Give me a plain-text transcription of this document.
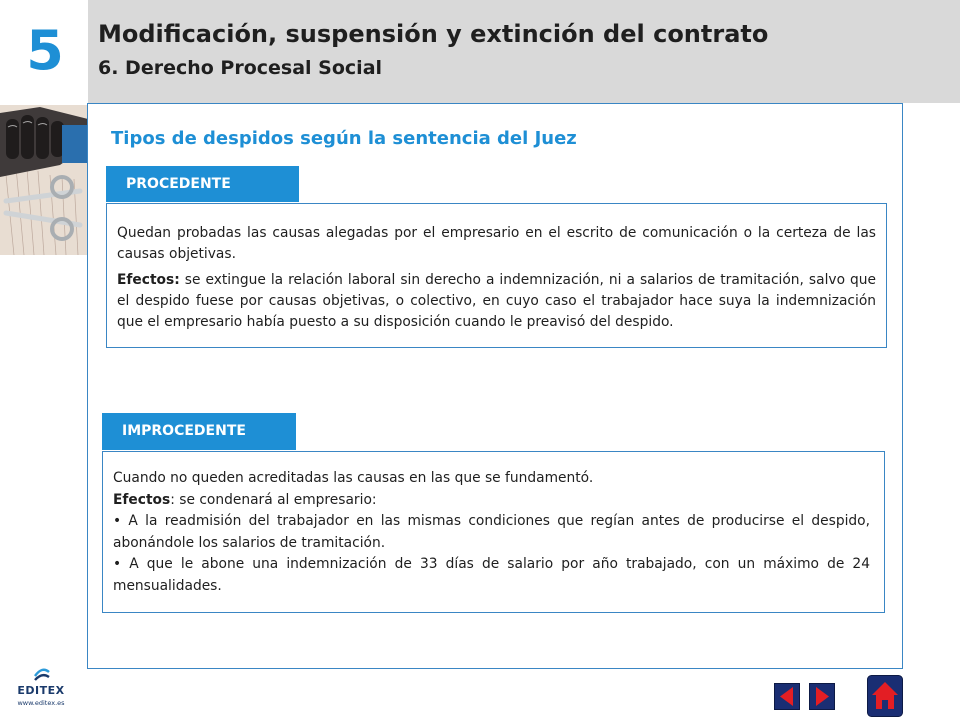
5 Modificación, suspensión y extinción del contrato
6. Derecho Procesal Social
Tipos de despidos según la sentencia del Juez
PROCEDENTE

Quedan probadas las causas alegadas por el empresario en el escrito de comunicación o la certeza de las causas objetivas.

Efectos: se extingue la relación laboral sin derecho a indemnización, ni a salarios de tramitación, salvo que el despido fuese por causas objetivas, o colectivo, en cuyo caso el trabajador hace suya la indemnización que el empresario había puesto a su disposición cuando le preavisó del despido.

IMPROCEDENTE

Cuando no queden acreditadas las causas en las que se fundamentó.

Efectos: se condenará al empresario:

• A la readmisión del trabajador en las mismas condiciones que regían antes de producirse el despido, abonándole los salarios de tramitación.

• A que le abone una indemnización de 33 días de salario por año trabajado, con un máximo de 24 mensualidades.

EDITEX
www.editex.es
